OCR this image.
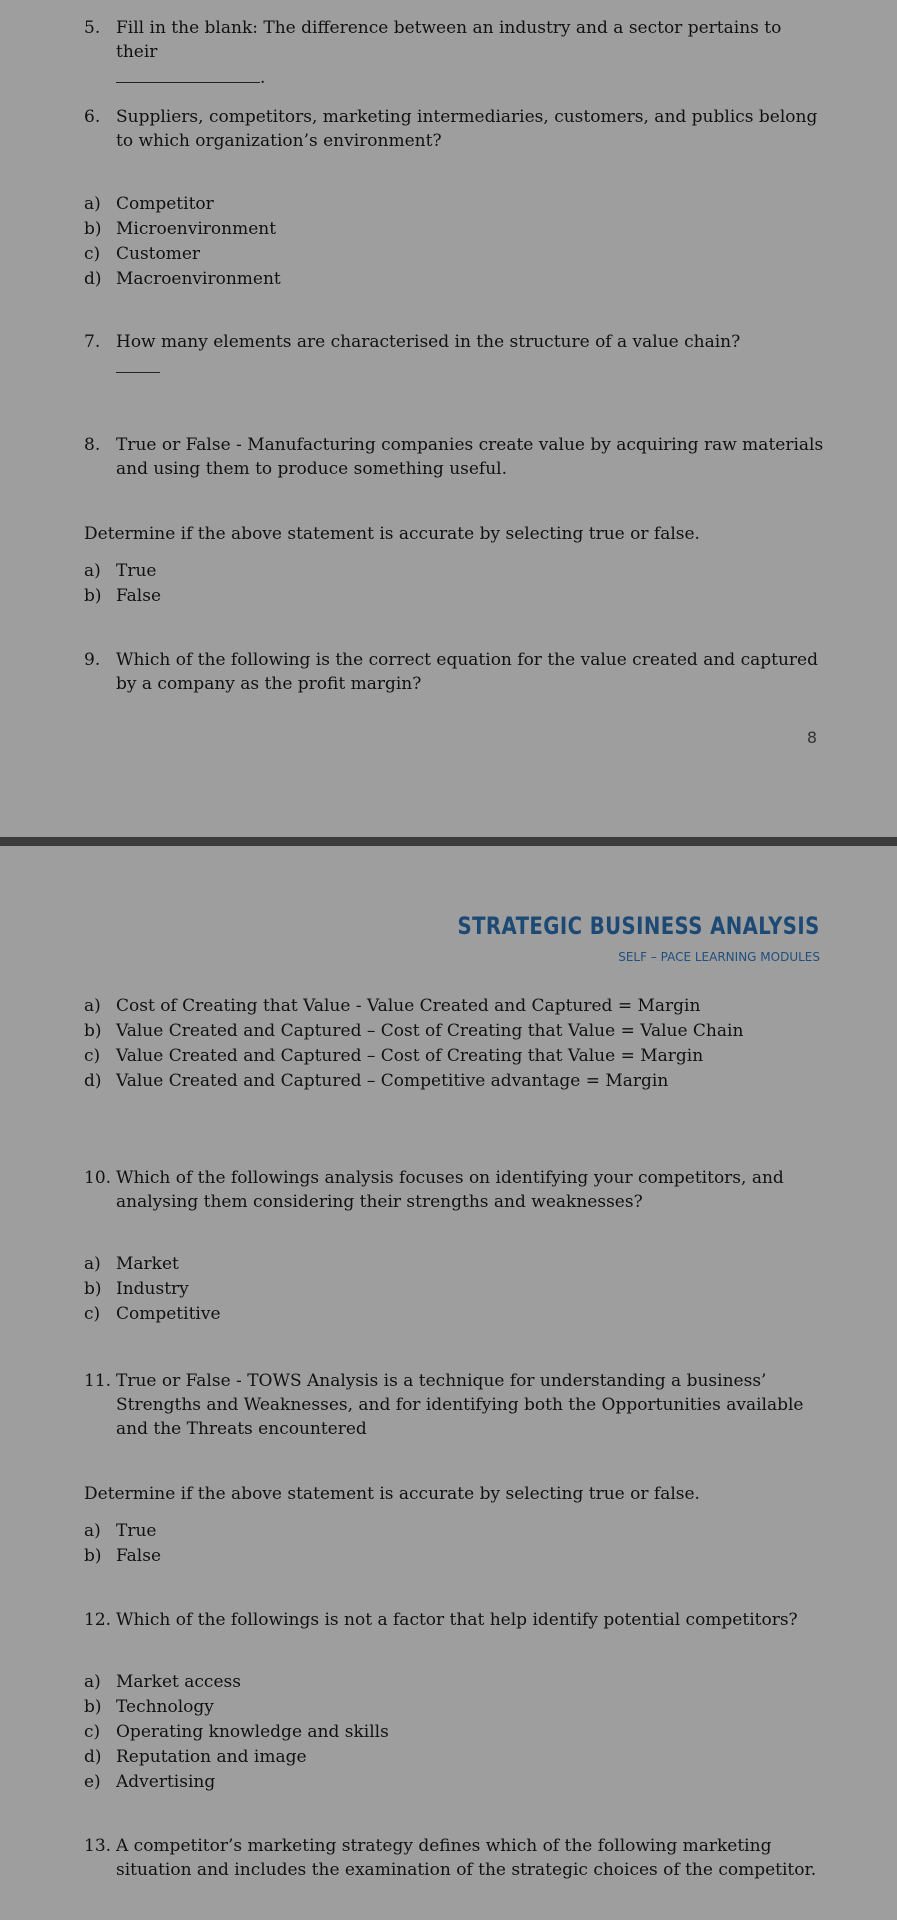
5. Fill in the blank: The difference between an industry and a sector pertains to their
.
6. Suppliers, competitors, marketing intermediaries, customers, and publics belong to which organization’s environment?
a) Competitor
b) Microenvironment
c) Customer
d) Macroenvironment
7. How many elements are characterised in the structure of a value chain?
8. True or False - Manufacturing companies create value by acquiring raw materials and using them to produce something useful.
Determine if the above statement is accurate by selecting true or false.
a) True
b) False
9. Which of the following is the correct equation for the value created and captured by a company as the profit margin?
8
STRATEGIC BUSINESS ANALYSIS
SELF – PACE LEARNING MODULES
a) Cost of Creating that Value - Value Created and Captured = Margin
b) Value Created and Captured – Cost of Creating that Value = Value Chain
c) Value Created and Captured – Cost of Creating that Value = Margin
d) Value Created and Captured – Competitive advantage = Margin
10. Which of the followings analysis focuses on identifying your competitors, and analysing them considering their strengths and weaknesses?
a) Market
b) Industry
c) Competitive
11. True or False - TOWS Analysis is a technique for understanding a business’ Strengths and Weaknesses, and for identifying both the Opportunities available and the Threats encountered
Determine if the above statement is accurate by selecting true or false.
a) True
b) False
12. Which of the followings is not a factor that help identify potential competitors?
a) Market access
b) Technology
c) Operating knowledge and skills
d) Reputation and image
e) Advertising
13. A competitor’s marketing strategy defines which of the following marketing situation and includes the examination of the strategic choices of the competitor.
